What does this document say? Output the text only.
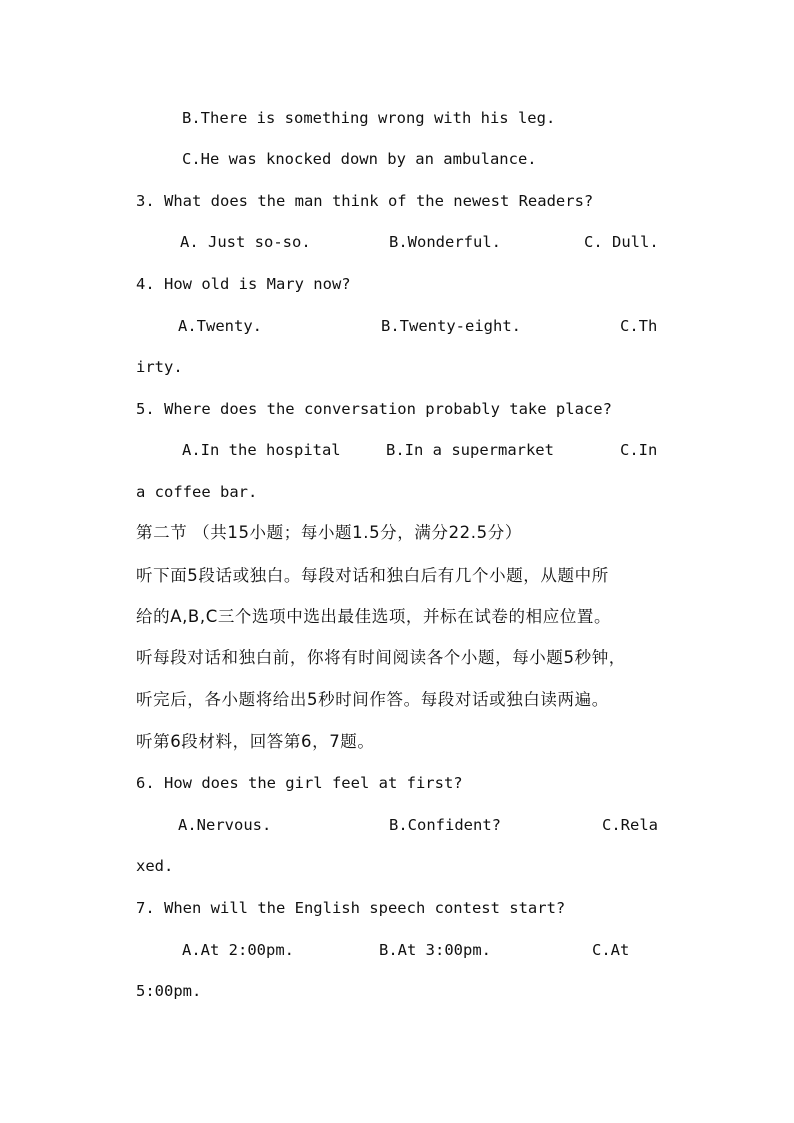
B.There is something wrong with his leg.
C.He was knocked down by an ambulance.
3. What does the man think of the newest Readers?
A. Just so-so.	B.Wonderful.	C. Dull.
4. How old is Mary now?
A.Twenty.	B.Twenty-eight.	C.Th
irty.
5. Where does the conversation probably take place?
A.In the hospital	B.In a supermarket	C.In
a coffee bar.
第二节 （共15小题；每小题1.5分，满分22.5分）
听下面5段话或独白。每段对话和独白后有几个小题，从题中所
给的A,B,C三个选项中选出最佳选项，并标在试卷的相应位置。
听每段对话和独白前，你将有时间阅读各个小题，每小题5秒钟，
听完后，各小题将给出5秒时间作答。每段对话或独白读两遍。
听第6段材料，回答第6，7题。
6. How does the girl feel at first?
A.Nervous.	B.Confident?	C.Rela
xed.
7. When will the English speech contest start?
A.At 2:00pm.	B.At 3:00pm.	C.At
5:00pm.
